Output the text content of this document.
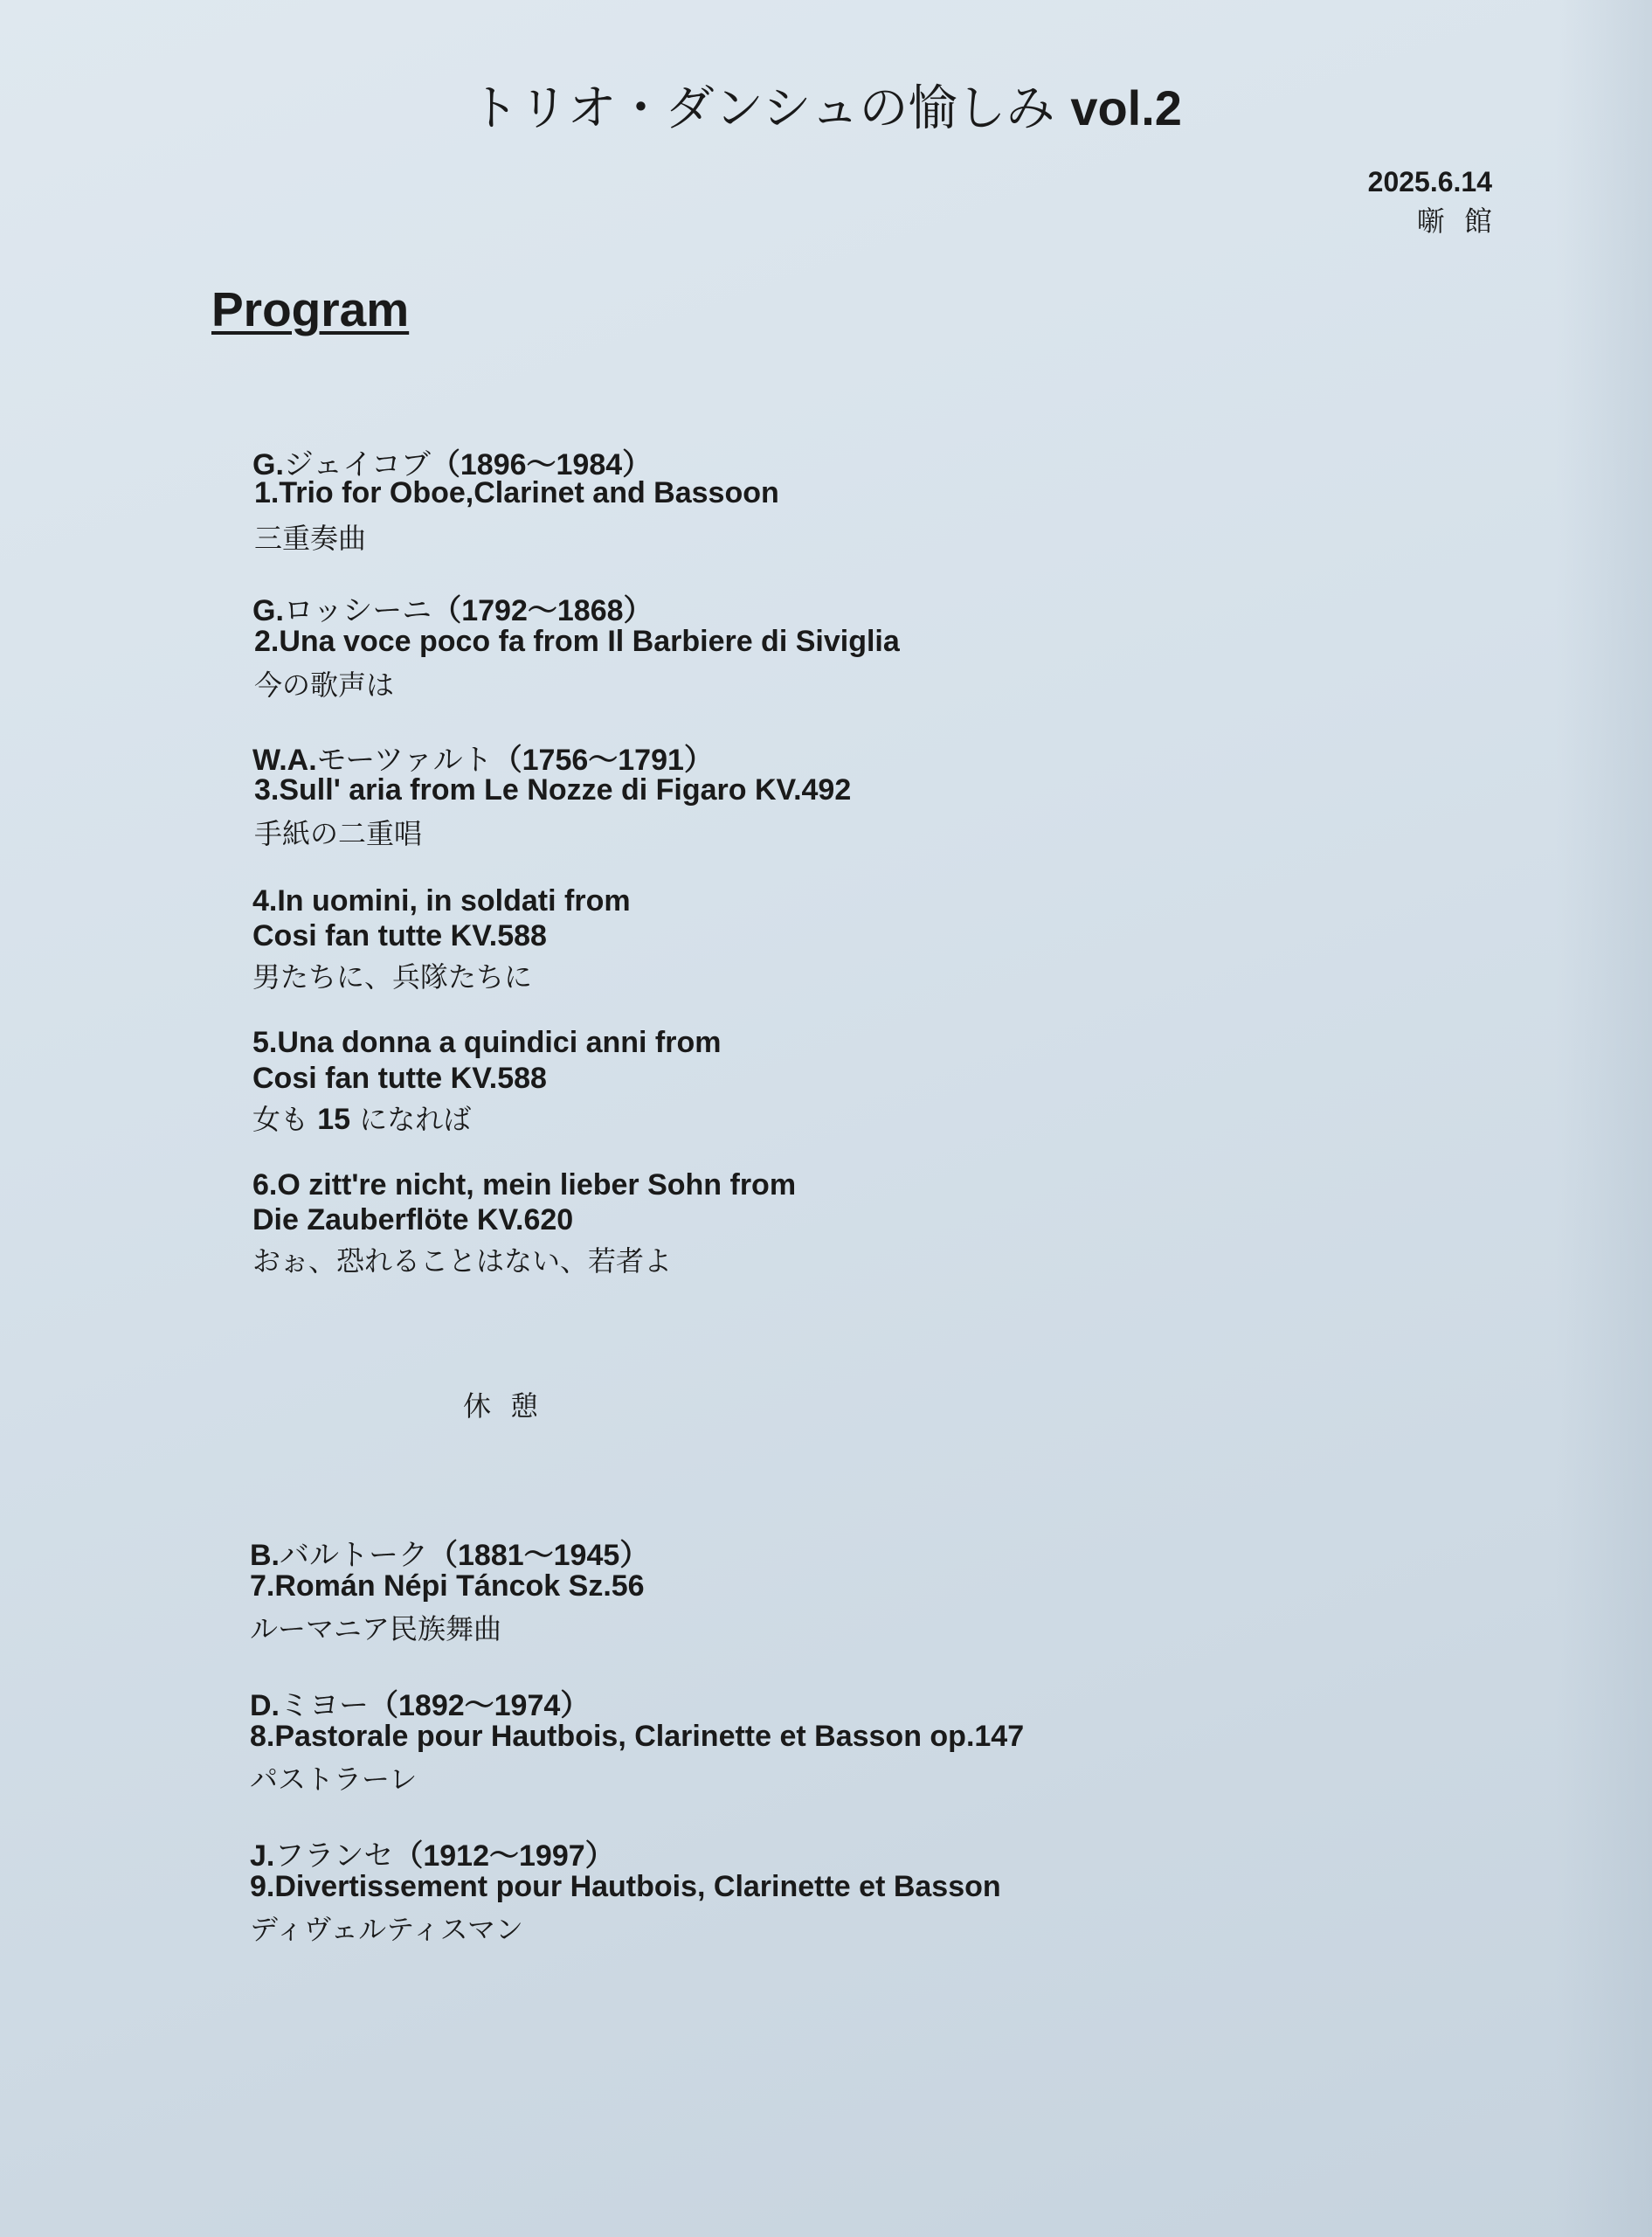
トリオ・ダンシュの愉しみ vol.2
2025.6.14
噺館
Program
G.ジェイコブ（1896～1984）
1.Trio for Oboe,Clarinet and Bassoon
三重奏曲
G.ロッシーニ（1792～1868）
2.Una voce poco fa from Il Barbiere di Siviglia
今の歌声は
W.A.モーツァルト（1756～1791）
3.Sull' aria from Le Nozze di Figaro KV.492
手紙の二重唱
4.In uomini, in soldati from
Cosi fan tutte KV.588
男たちに、兵隊たちに
5.Una donna a quindici anni from
Cosi fan tutte KV.588
女も 15 になれば
6.O zitt're nicht, mein lieber Sohn from
Die Zauberflöte KV.620
おぉ、恐れることはない、若者よ
休憩
B.バルトーク（1881～1945）
7.Román Népi Táncok Sz.56
ルーマニア民族舞曲
D.ミヨー（1892～1974）
8.Pastorale pour Hautbois, Clarinette et Basson op.147
パストラーレ
J.フランセ（1912～1997）
9.Divertissement pour Hautbois, Clarinette et Basson
ディヴェルティスマン
